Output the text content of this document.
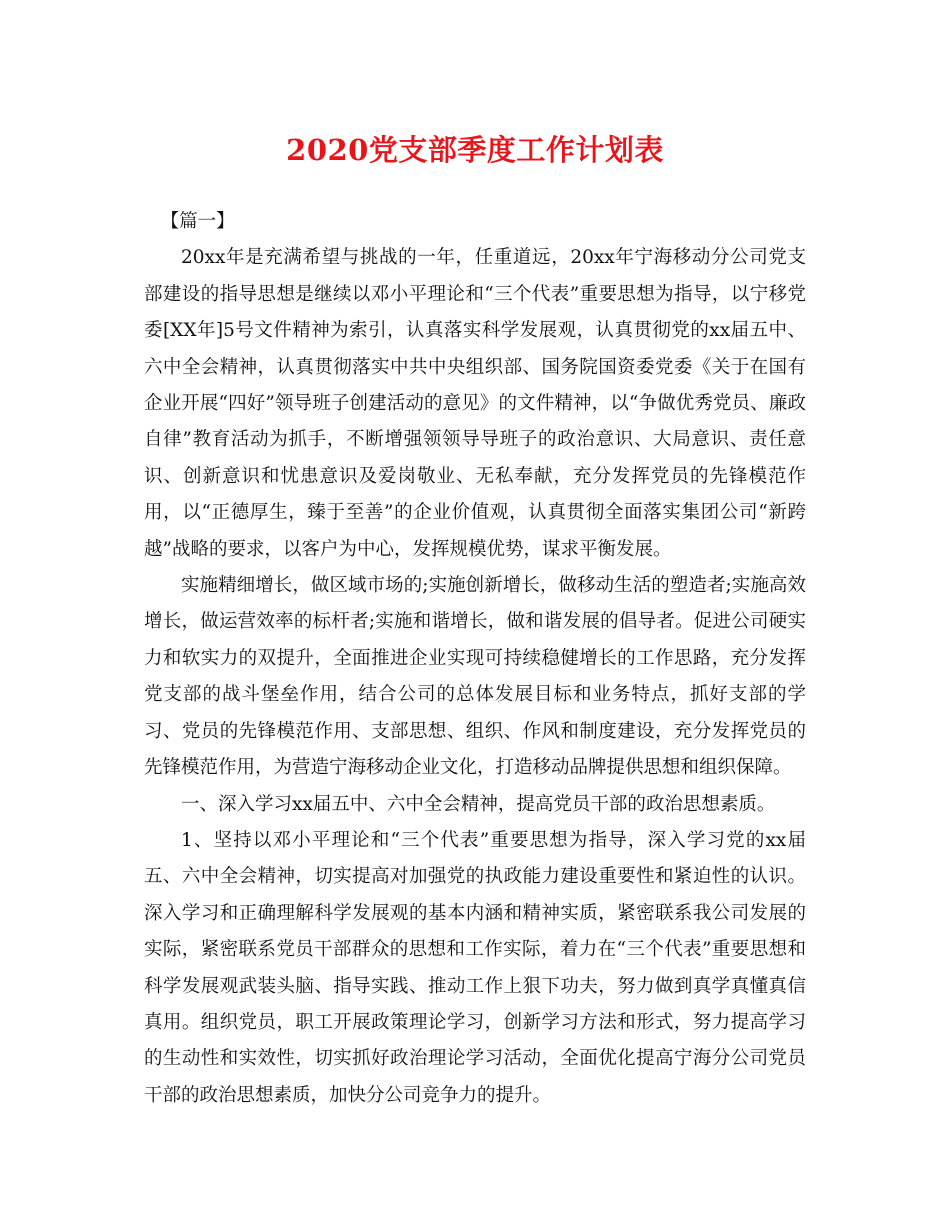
2020党支部季度工作计划表

【篇一】

20xx年是充满希望与挑战的一年，任重道远，20xx年宁海移动分公司党支部建设的指导思想是继续以邓小平理论和“三个代表”重要思想为指导，以宁移党委[XX年]5号文件精神为索引，认真落实科学发展观，认真贯彻党的xx届五中、六中全会精神，认真贯彻落实中共中央组织部、国务院国资委党委《关于在国有企业开展“四好”领导班子创建活动的意见》的文件精神，以“争做优秀党员、廉政自律”教育活动为抓手，不断增强领领导导班子的政治意识、大局意识、责任意识、创新意识和忧患意识及爱岗敬业、无私奉献，充分发挥党员的先锋模范作用，以“正德厚生，臻于至善”的企业价值观，认真贯彻全面落实集团公司“新跨越”战略的要求，以客户为中心，发挥规模优势，谋求平衡发展。

实施精细增长，做区域市场的;实施创新增长，做移动生活的塑造者;实施高效增长，做运营效率的标杆者;实施和谐增长，做和谐发展的倡导者。促进公司硬实力和软实力的双提升，全面推进企业实现可持续稳健增长的工作思路，充分发挥党支部的战斗堡垒作用，结合公司的总体发展目标和业务特点，抓好支部的学习、党员的先锋模范作用、支部思想、组织、作风和制度建设，充分发挥党员的先锋模范作用，为营造宁海移动企业文化，打造移动品牌提供思想和组织保障。

一、深入学习xx届五中、六中全会精神，提高党员干部的政治思想素质。

1、坚持以邓小平理论和“三个代表”重要思想为指导，深入学习党的xx届五、六中全会精神，切实提高对加强党的执政能力建设重要性和紧迫性的认识。深入学习和正确理解科学发展观的基本内涵和精神实质，紧密联系我公司发展的实际，紧密联系党员干部群众的思想和工作实际，着力在“三个代表”重要思想和科学发展观武装头脑、指导实践、推动工作上狠下功夫，努力做到真学真懂真信真用。组织党员，职工开展政策理论学习，创新学习方法和形式，努力提高学习的生动性和实效性，切实抓好政治理论学习活动，全面优化提高宁海分公司党员干部的政治思想素质，加快分公司竞争力的提升。
